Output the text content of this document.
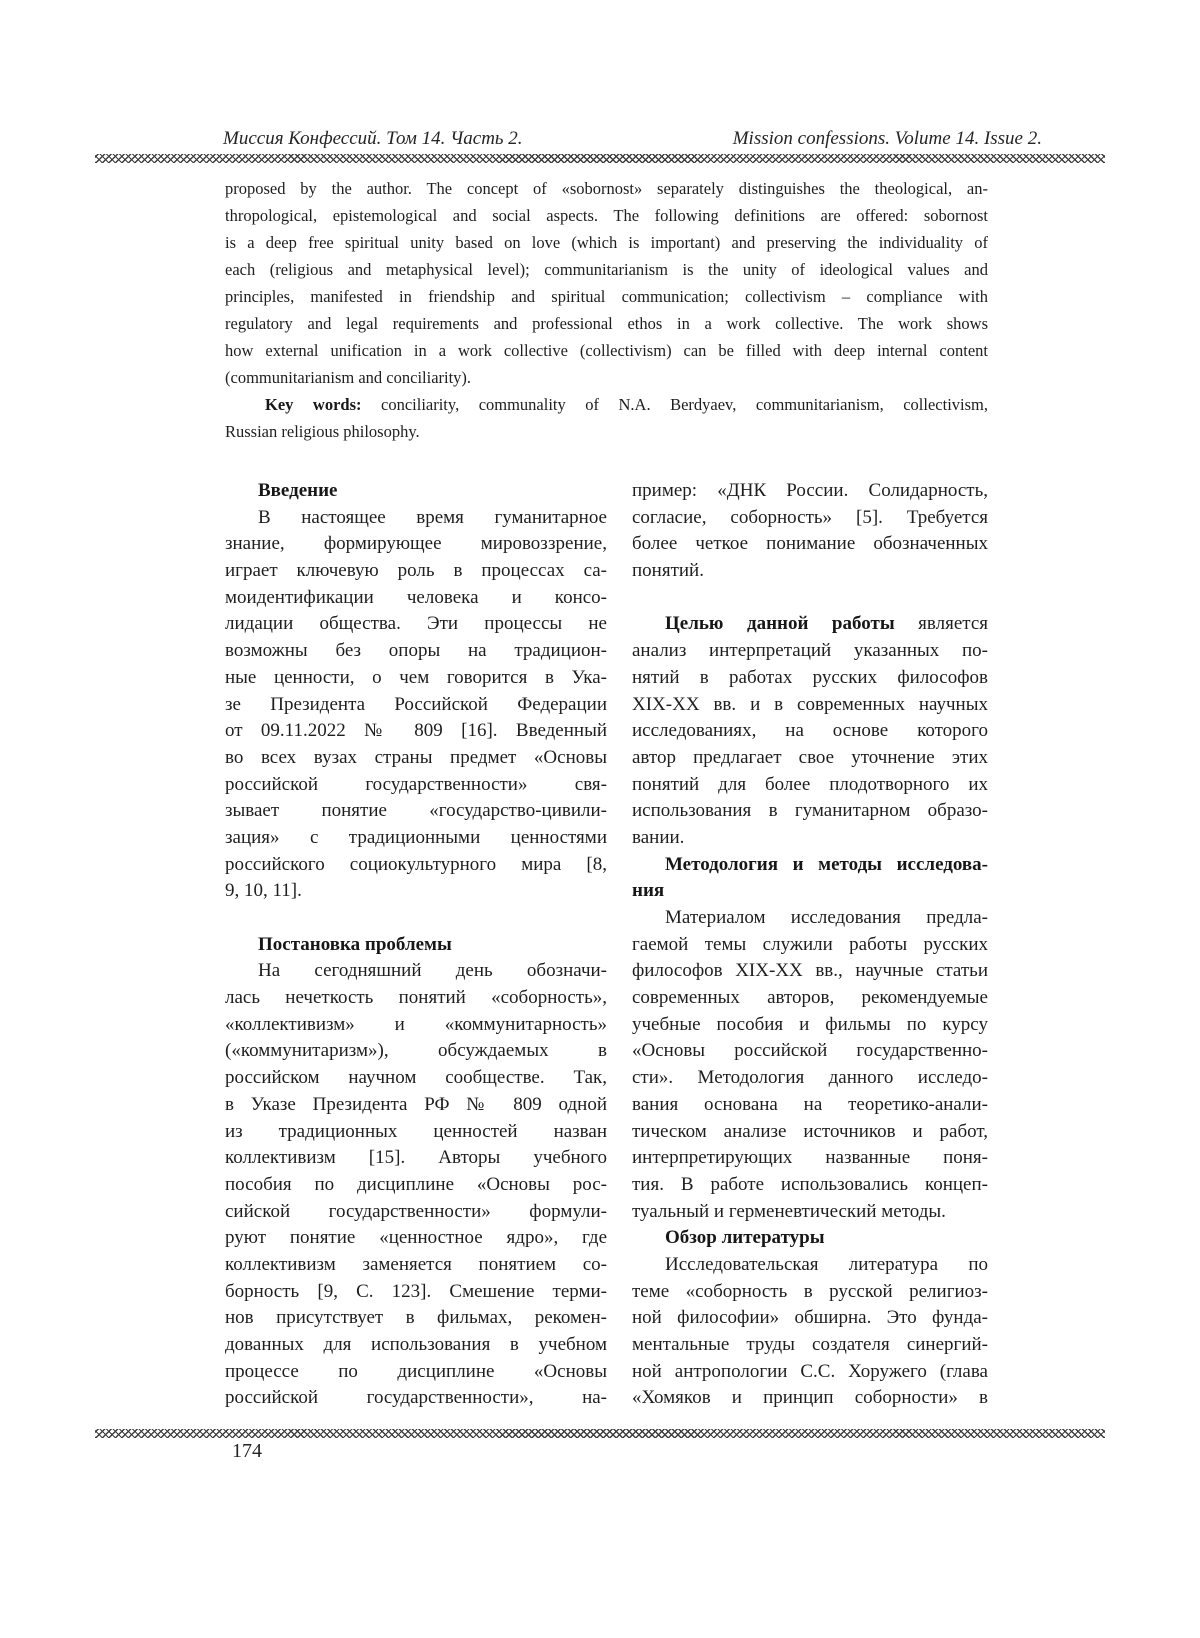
Миссия Конфессий. Том 14. Часть 2.	Mission confessions. Volume 14. Issue 2.
proposed by the author. The concept of «sobornost» separately distinguishes the theological, an-
thropological, epistemological and social aspects. The following definitions are offered: sobornost
is a deep free spiritual unity based on love (which is important) and preserving the individuality of
each (religious and metaphysical level); communitarianism is the unity of ideological values and
principles, manifested in friendship and spiritual communication; collectivism – compliance with
regulatory and legal requirements and professional ethos in a work collective. The work shows
how external unification in a work collective (collectivism) can be filled with deep internal content
(communitarianism and conciliarity).
Key words: conciliarity, communality of N.A. Berdyaev, communitarianism, collectivism,
Russian religious philosophy.
Введение
В настоящее время гуманитарное
знание, формирующее мировоззрение,
играет ключевую роль в процессах са-
моидентификации человека и консо-
лидации общества. Эти процессы не
возможны без опоры на традицион-
ные ценности, о чем говорится в Ука-
зе Президента Российской Федерации
от 09.11.2022 № 809 [16]. Введенный
во всех вузах страны предмет «Основы
российской государственности» свя-
зывает понятие «государство-цивили-
зация» с традиционными ценностями
российского социокультурного мира [8,
9, 10, 11].
Постановка проблемы
На сегодняшний день обозначи-
лась нечеткость понятий «соборность»,
«коллективизм» и «коммунитарность»
(«коммунитаризм»), обсуждаемых в
российском научном сообществе. Так,
в Указе Президента РФ № 809 одной
из традиционных ценностей назван
коллективизм [15]. Авторы учебного
пособия по дисциплине «Основы рос-
сийской государственности» формули-
руют понятие «ценностное ядро», где
коллективизм заменяется понятием со-
борность [9, С. 123]. Смешение терми-
нов присутствует в фильмах, рекомен-
дованных для использования в учебном
процессе по дисциплине «Основы
российской государственности», на-
пример: «ДНК России. Солидарность,
согласие, соборность» [5]. Требуется
более четкое понимание обозначенных
понятий.
Целью данной работы является
анализ интерпретаций указанных по-
нятий в работах русских философов
XIX-XX вв. и в современных научных
исследованиях, на основе которого
автор предлагает свое уточнение этих
понятий для более плодотворного их
использования в гуманитарном образо-
вании.
Методология и методы исследова-
ния
Материалом исследования предла-
гаемой темы служили работы русских
философов XIX-XX вв., научные статьи
современных авторов, рекомендуемые
учебные пособия и фильмы по курсу
«Основы российской государственно-
сти». Методология данного исследо-
вания основана на теоретико-анали-
тическом анализе источников и работ,
интерпретирующих названные поня-
тия. В работе использовались концеп-
туальный и герменевтический методы.
Обзор литературы
Исследовательская литература по
теме «соборность в русской религиоз-
ной философии» обширна. Это фунда-
ментальные труды создателя синергий-
ной антропологии С.С. Хоружего (глава
«Хомяков и принцип соборности» в
174
